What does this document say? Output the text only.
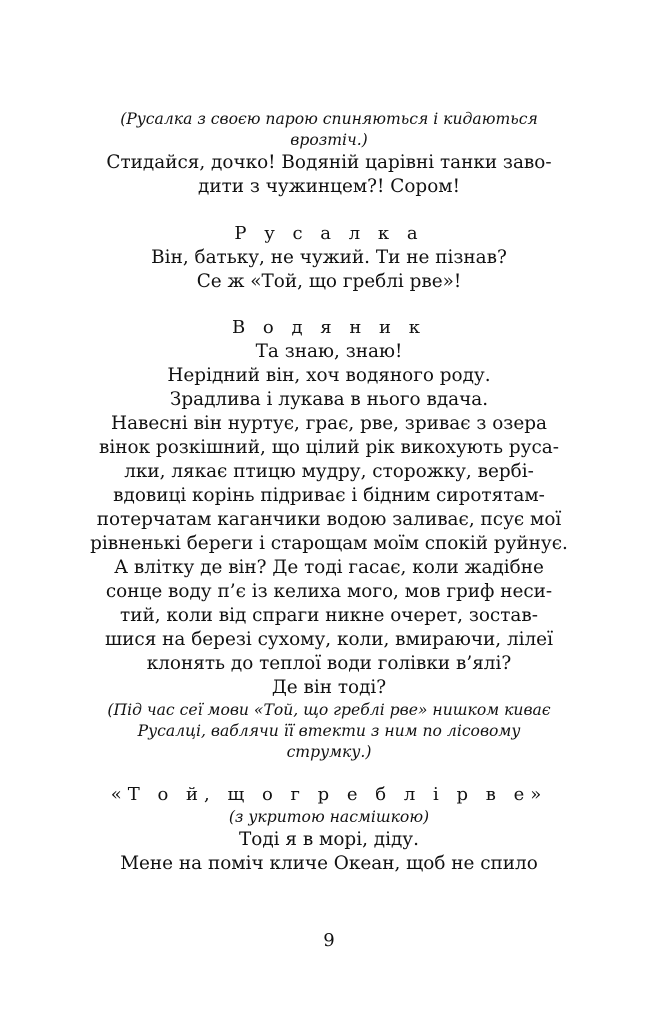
(Русалка з своєю парою спиняються і кидаються

врозтіч.)

Стидайся, дочко! Водяній царівні танки заво-

дити з чужинцем?! Сором!

Р у с а л к а

Він, батьку, не чужий. Ти не пізнав?

Се ж «Той, що греблі рве»!

В о д я н и к

Та знаю, знаю!

Нерідний він, хоч водяного роду.

Зрадлива і лукава в нього вдача.

Навесні він нуртує, грає, рве, зриває з озера

вінок розкішний, що цілий рік викохують руса-

лки, лякає птицю мудру, сторожку, вербі-

вдовиці корінь підриває і бідним сиротятам-

потерчатам каганчики водою заливає, псує мої

рівненькі береги і старощам моїм спокій руйнує.

А влітку де він? Де тоді гасає, коли жадібне

сонце воду п’є із келиха мого, мов гриф неси-

тий, коли від спраги никне очерет, зостав-

шися на березі сухому, коли, вмираючи, лілеї

клонять до теплої води голівки в’ялі?

Де він тоді?

(Під час сеї мови «Той, що греблі рве» нишком киває

Русалці, ваблячи її втекти з ним по лісовому

струмку.)

«Т о й, щ о г р е б л і р в е»

(з укритою насмішкою)

Тоді я в морі, діду.

Мене на поміч кличе Океан, щоб не спило

9
